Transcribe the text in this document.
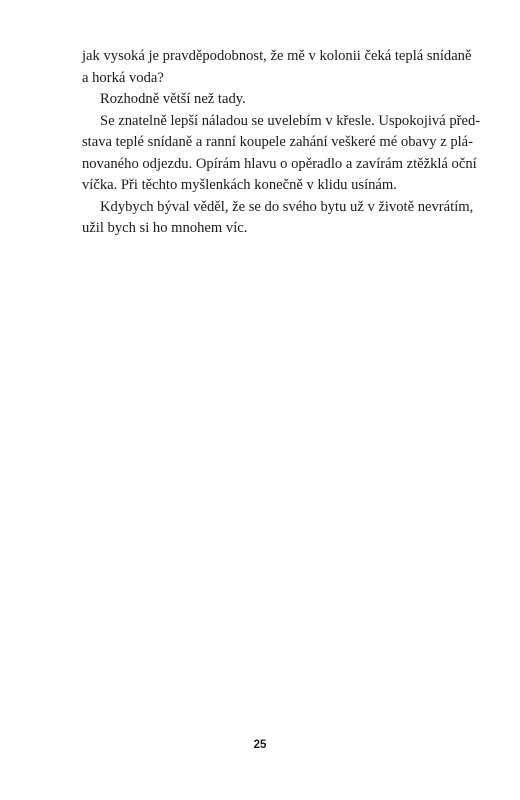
jak vysoká je pravděpodobnost, že mě v kolonii čeká teplá snídaně
a horká voda?
Rozhodně větší než tady.
Se znatelně lepší náladou se uvelebím v křesle. Uspokojivá před-
stava teplé snídaně a ranní koupele zahání veškeré mé obavy z plá-
novaného odjezdu. Opírám hlavu o opěradlo a zavírám ztěžklá oční
víčka. Při těchto myšlenkách konečně v klidu usínám.
Kdybych býval věděl, že se do svého bytu už v životě nevrátím,
užil bych si ho mnohem víc.
25
